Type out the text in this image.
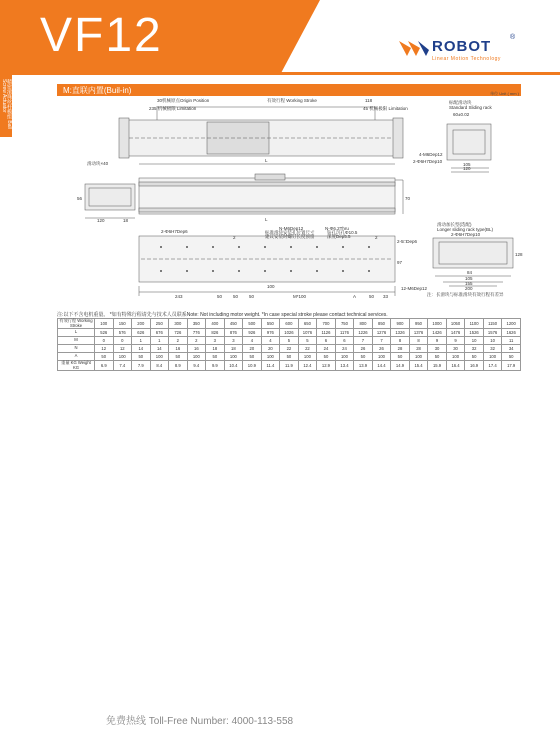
VF12	ROBOT
®
Linear Motion Technology
精密滚珠丝杆模组 Ball Screw Actuator	M:直联内置(Buil-in)	单位 Unit ( mm )
30机械原点Origin Position
235 机械极限 Limitation
有效行程 Working Stroke	118
45 机械极限 Limitation
标配滑动块
Standard Sliding rack
60±0.02
滑动块×40
4-M6Dep12
2-Φ6H7Dep10
105
120
L
70
L
120	18
56
N-M6Dep12
标准滑块安装孔位置尺寸
建议安装时螺钉长度预留
N-Φ6.2Thru
钻孔沉孔Φ10.5
深度Dep5.5
2-Φ6H7Dep6
2-5□Dep6
2	2
97
100
243	50 50 50	M*100	A	50 33
滑动加长型(选配)
Longer sliding rack type(BL)
2-Φ6H7Dep10
12-M6Dep12
84
105
155
200
128
注：长滑块与标准滑块有效行程有差异
注:以下不含电机重量。 *如有特殊行程请先与技术人员联系Note: Not including motor weight. *In case special stroke please contact technical services.
有效行程 Working Stroke	100	150	200	250	300	350	400	450	500	550	600	650	700	750	800	850	900	950	1000	1050	1100	1150	1200
L	526	576	626	676	726	776	826	876	926	976	1026	1076	1126	1176	1226	1276	1326	1376	1426	1476	1526	1576	1626
M	0	0	1	1	2	2	3	3	4	4	5	5	6	6	7	7	8	8	9	9	10	10	11
N	12	12	14	14	16	16	18	18	20	20	22	22	24	24	26	26	28	28	30	30	32	32	34
A	50	100	50	100	50	100	50	100	50	100	50	100	50	100	50	100	50	100	50	100	50	100	50
重量 KG Weight KG	6.9	7.4	7.9	8.4	8.9	9.4	9.9	10.4	10.9	11.4	11.9	12.4	12.9	13.4	13.9	14.4	14.9	15.4	15.9	16.4	16.9	17.4	17.9
免费热线 Toll-Free Number: 4000-113-558
